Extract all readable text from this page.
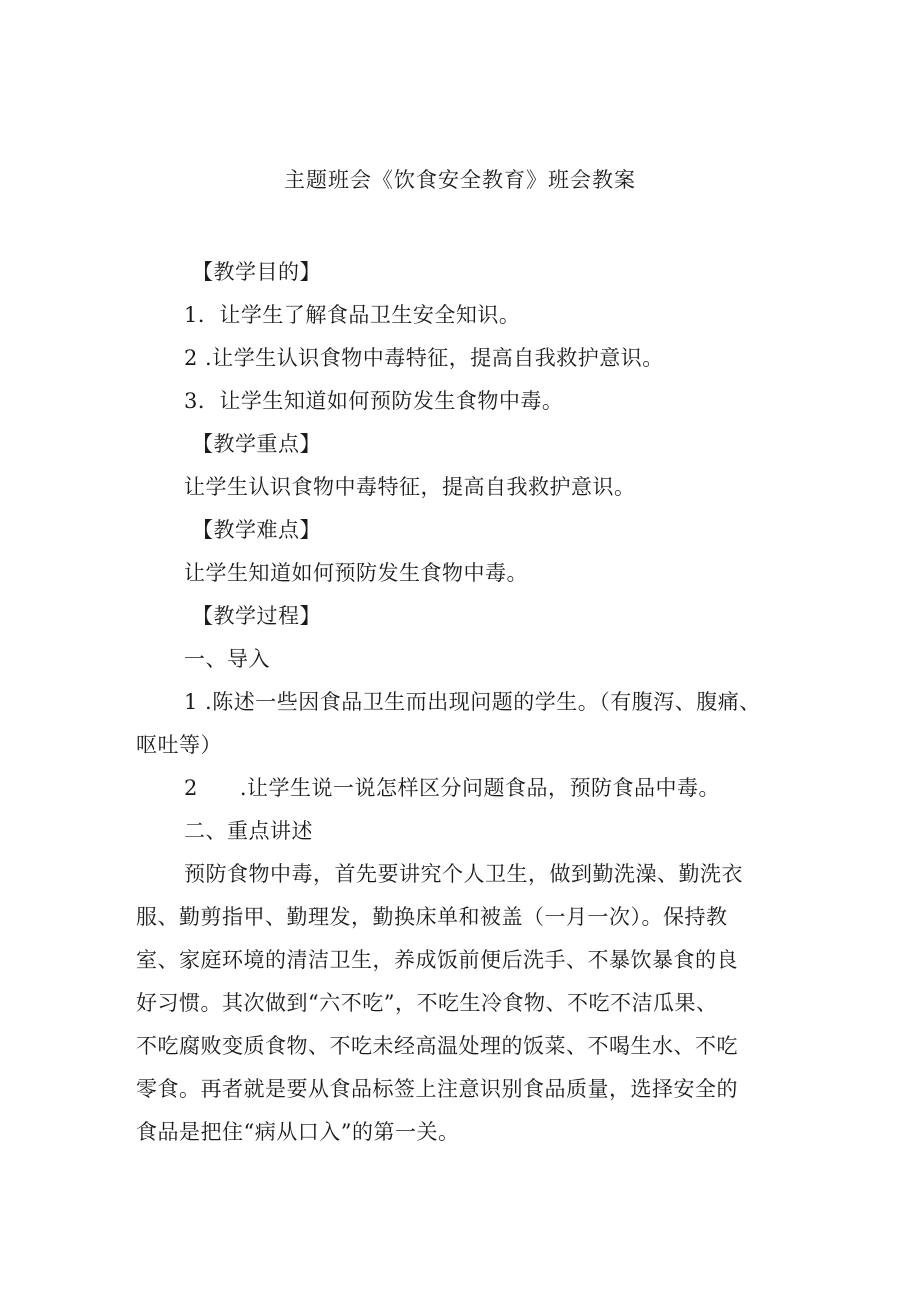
主题班会《饮食安全教育》班会教案
【教学目的】
1．让学生了解食品卫生安全知识。
2 .让学生认识食物中毒特征，提高自我救护意识。
3．让学生知道如何预防发生食物中毒。
【教学重点】
让学生认识食物中毒特征，提高自我救护意识。
【教学难点】
让学生知道如何预防发生食物中毒。
【教学过程】
一、导入
1 .陈述一些因食品卫生而出现问题的学生。（有腹泻、腹痛、
呕吐等）
2 .让学生说一说怎样区分问题食品，预防食品中毒。
二、重点讲述
预防食物中毒，首先要讲究个人卫生，做到勤洗澡、勤洗衣
服、勤剪指甲、勤理发，勤换床单和被盖（一月一次）。保持教
室、家庭环境的清洁卫生，养成饭前便后洗手、不暴饮暴食的良
好习惯。其次做到“六不吃”，不吃生冷食物、不吃不洁瓜果、
不吃腐败变质食物、不吃未经高温处理的饭菜、不喝生水、不吃
零食。再者就是要从食品标签上注意识别食品质量，选择安全的
食品是把住“病从口入”的第一关。
